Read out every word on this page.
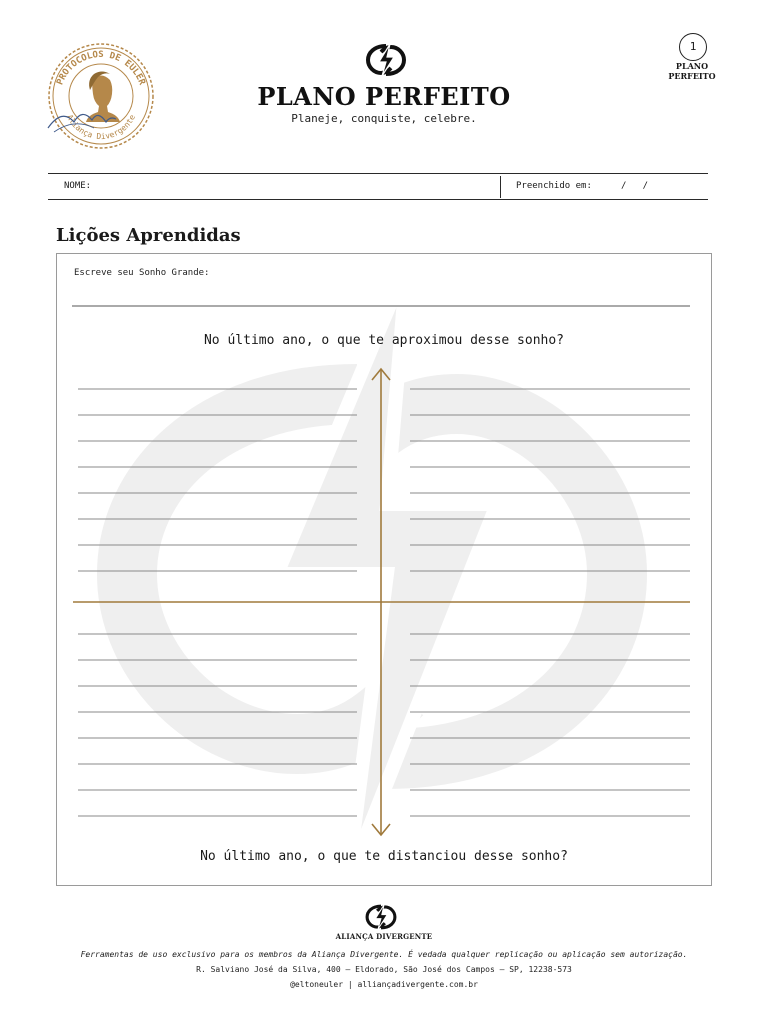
PROTOCOLOS DE EULER
Aliança Divergente
PLANO PERFEITO
Planeje, conquiste, celebre.
1
PLANO
PERFEITO
NOME:	Preenchido em:	/   /
Lições Aprendidas
Escreve seu Sonho Grande:
No último ano, o que te aproximou desse sonho?
No último ano, o que te distanciou desse sonho?
ALIANÇA DIVERGENTE
Ferramentas de uso exclusivo para os membros da Aliança Divergente. É vedada qualquer replicação ou aplicação sem autorização.
R. Salviano José da Silva, 400 – Eldorado, São José dos Campos – SP, 12238-573
@eltoneuler | alliançadivergente.com.br
